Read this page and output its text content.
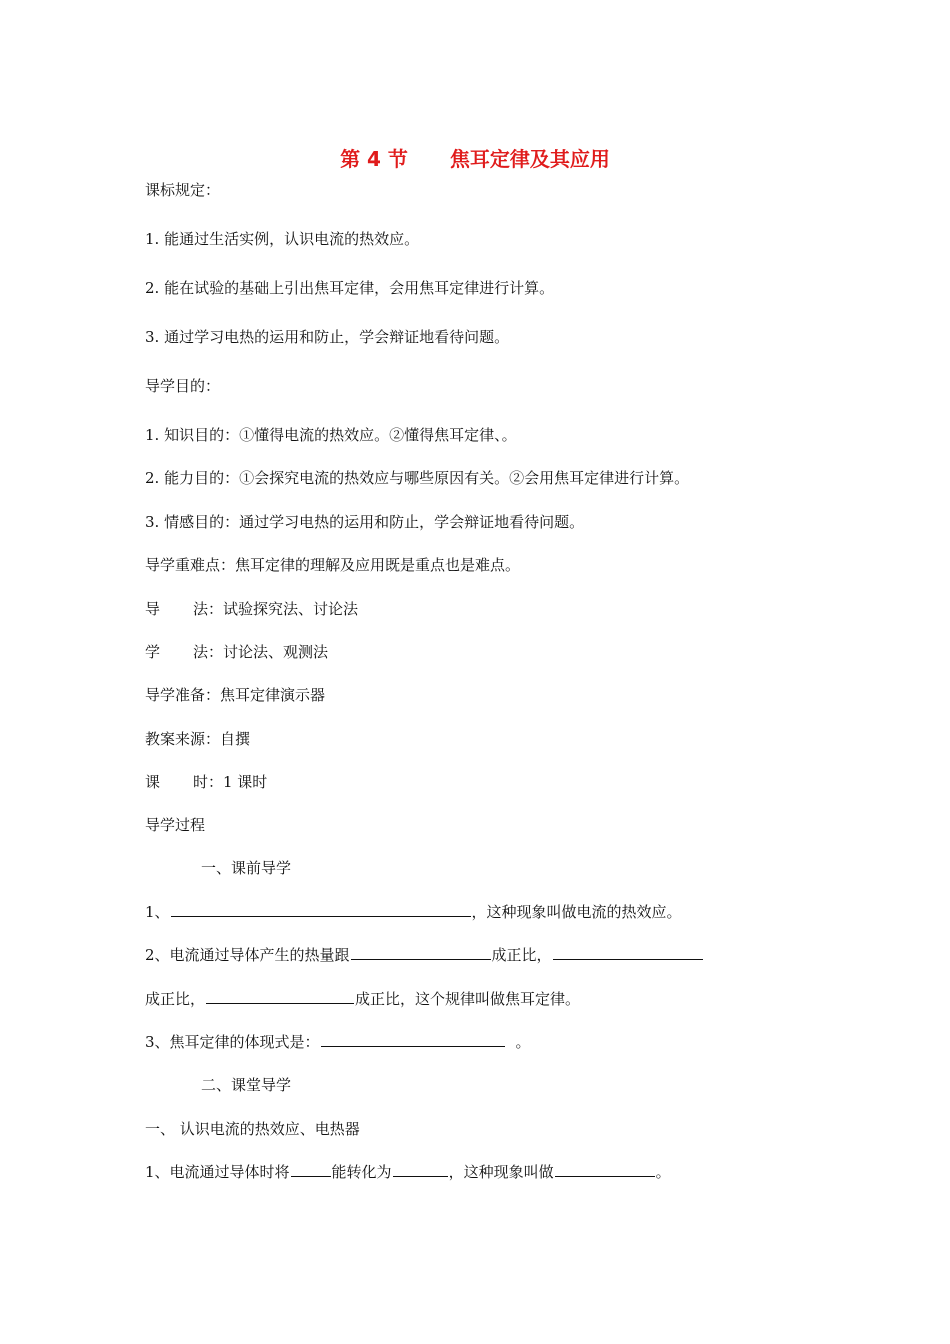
第 4 节 焦耳定律及其应用
课标规定：
1. 能通过生活实例，认识电流的热效应。
2. 能在试验的基础上引出焦耳定律，会用焦耳定律进行计算。
3. 通过学习电热的运用和防止，学会辩证地看待问题。
导学目的：
1. 知识目的：①懂得电流的热效应。②懂得焦耳定律、。
2. 能力目的：①会探究电流的热效应与哪些原因有关。②会用焦耳定律进行计算。
3. 情感目的：通过学习电热的运用和防止，学会辩证地看待问题。
导学重难点：焦耳定律的理解及应用既是重点也是难点。
导 法：试验探究法、讨论法
学 法：讨论法、观测法
导学准备：焦耳定律演示器
教案来源：自撰
课 时：1 课时
导学过程
一、课前导学
1、	，这种现象叫做电流的热效应。
2、电流通过导体产生的热量跟	成正比，
成正比，	成正比，这个规律叫做焦耳定律。
3、焦耳定律的体现式是：	。
二、课堂导学
一、 认识电流的热效应、电热器
1、电流通过导体时将	能转化为	，这种现象叫做	。
